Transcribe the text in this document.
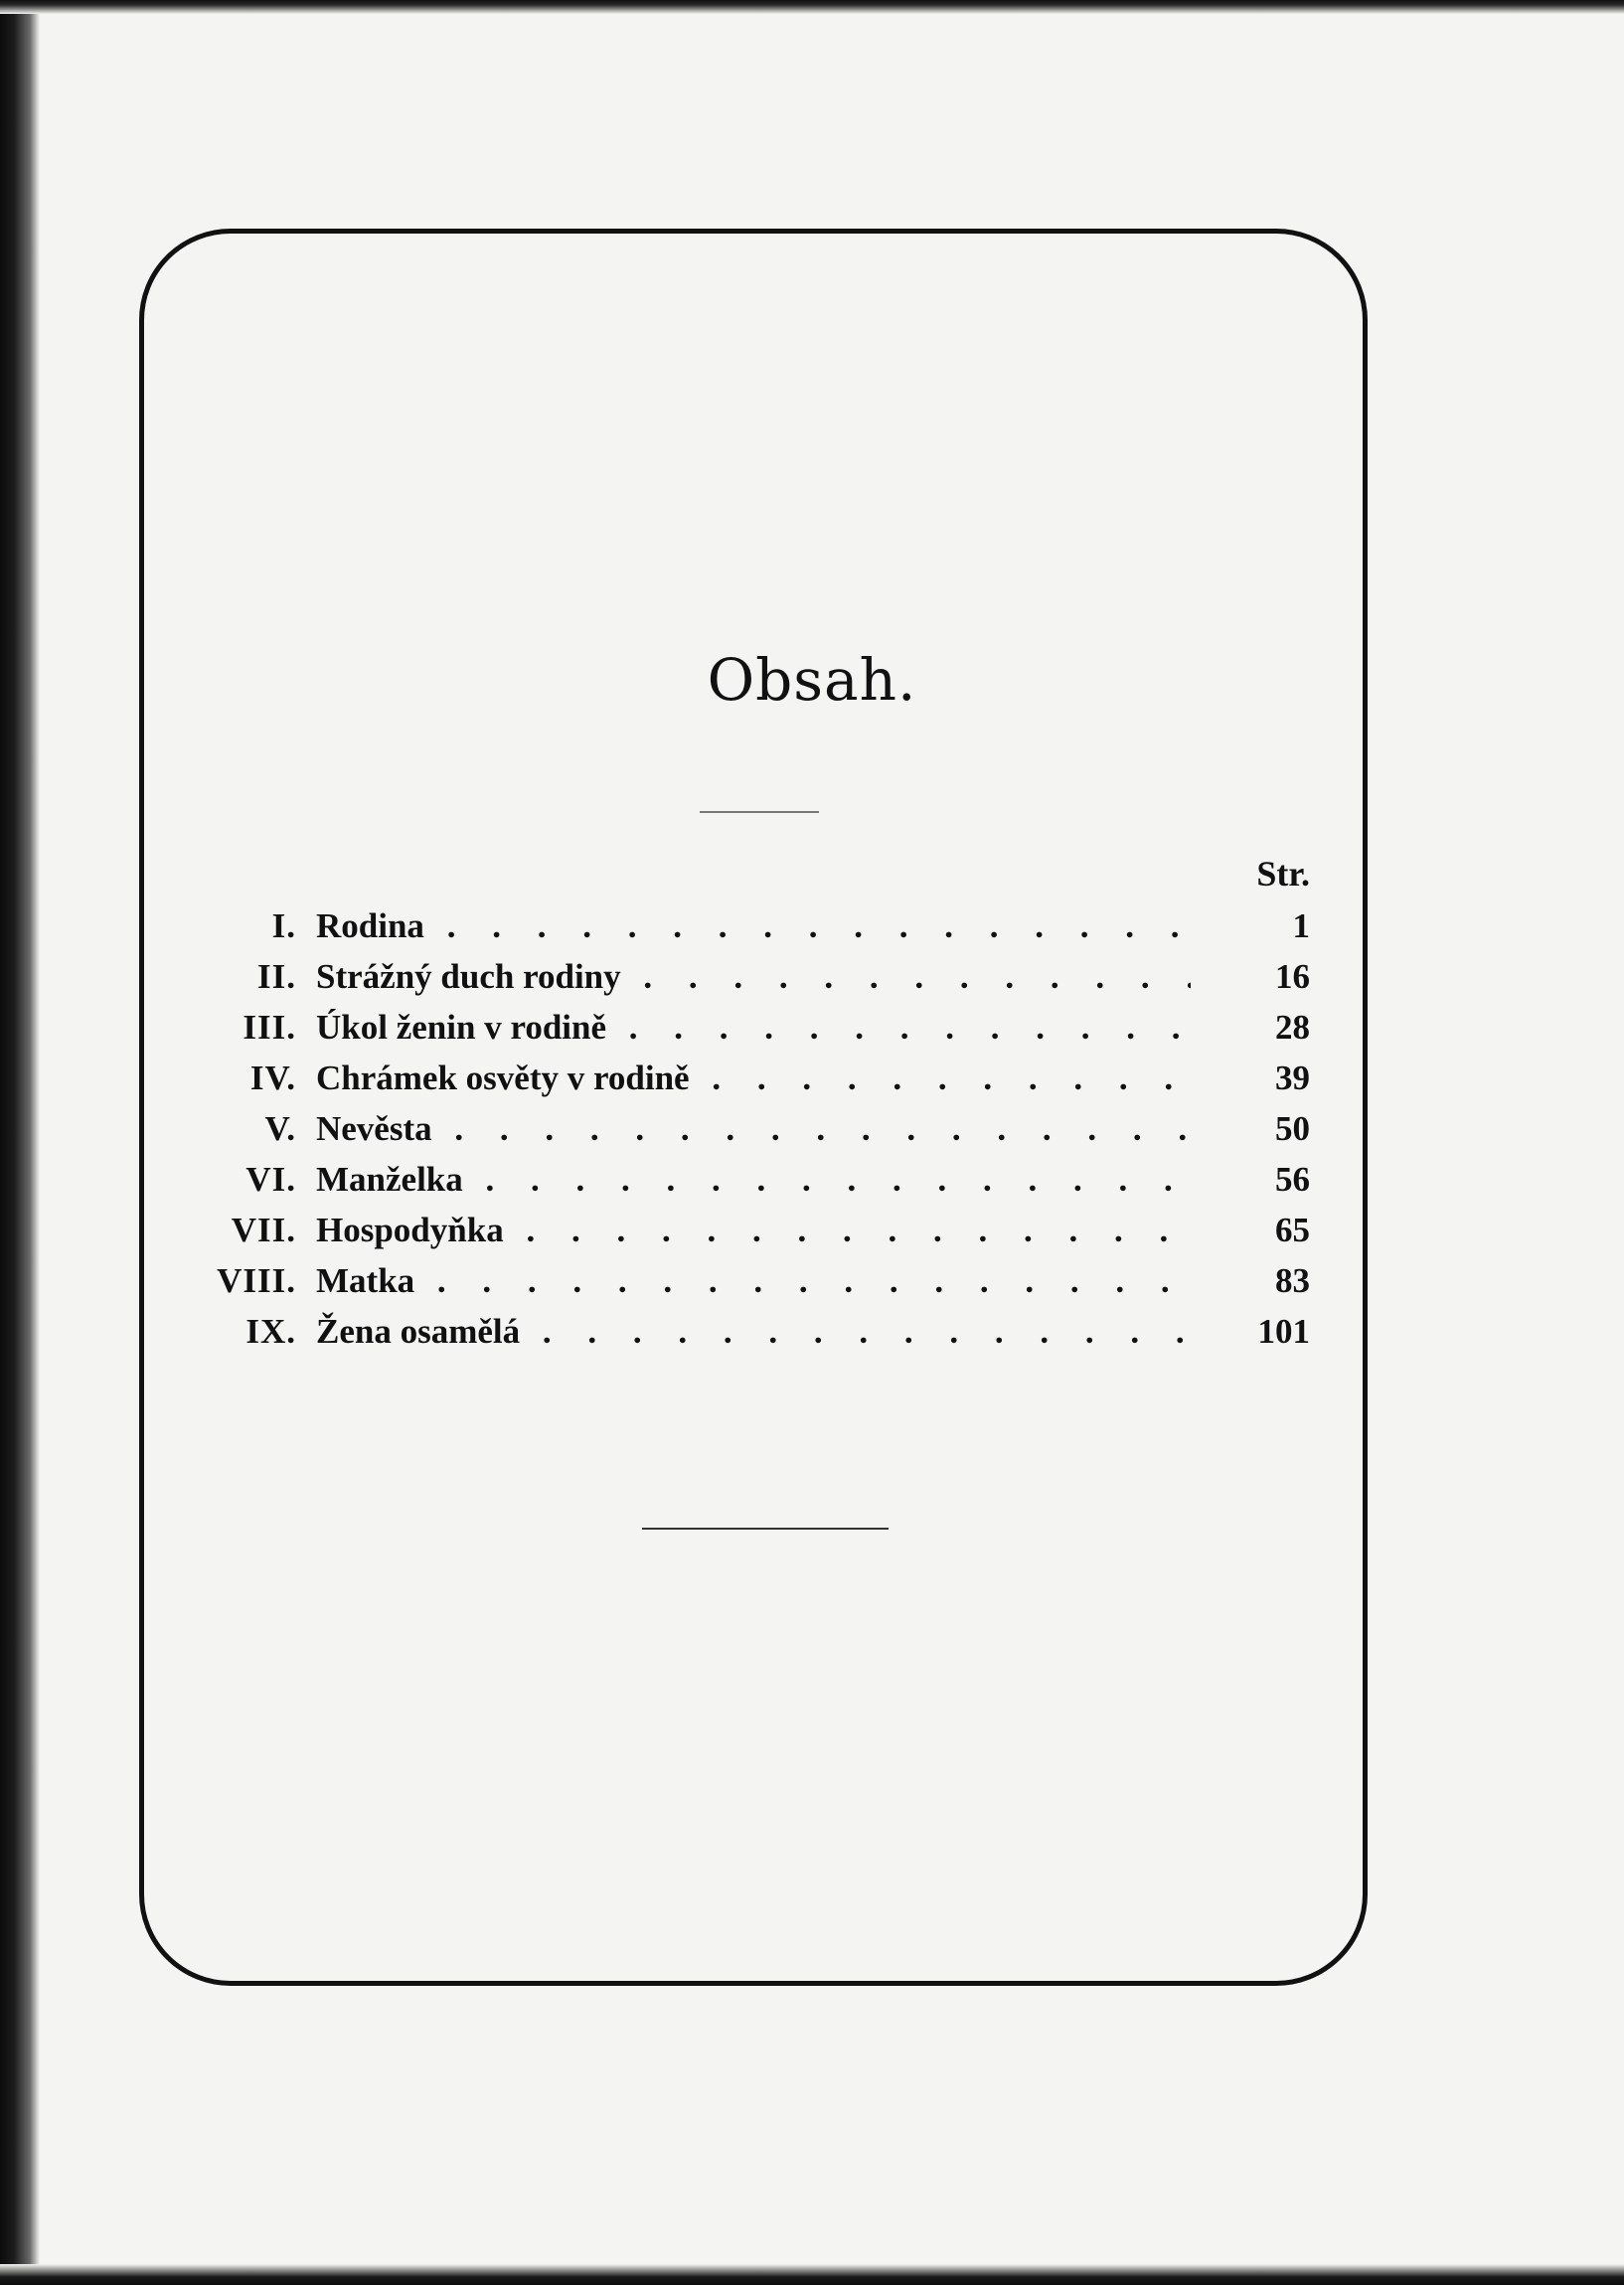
Obsah.
Str.
I. Rodina . . .	1
II. Strážný duch rodiny . . .	16
III. Úkol ženin v rodině . . .	28
IV. Chrámek osvěty v rodině . . .	39
V. Nevěsta . . .	50
VI. Manželka . . .	56
VII. Hospodyňka . . .	65
VIII. Matka . . .	83
IX. Žena osamělá . . .	101
